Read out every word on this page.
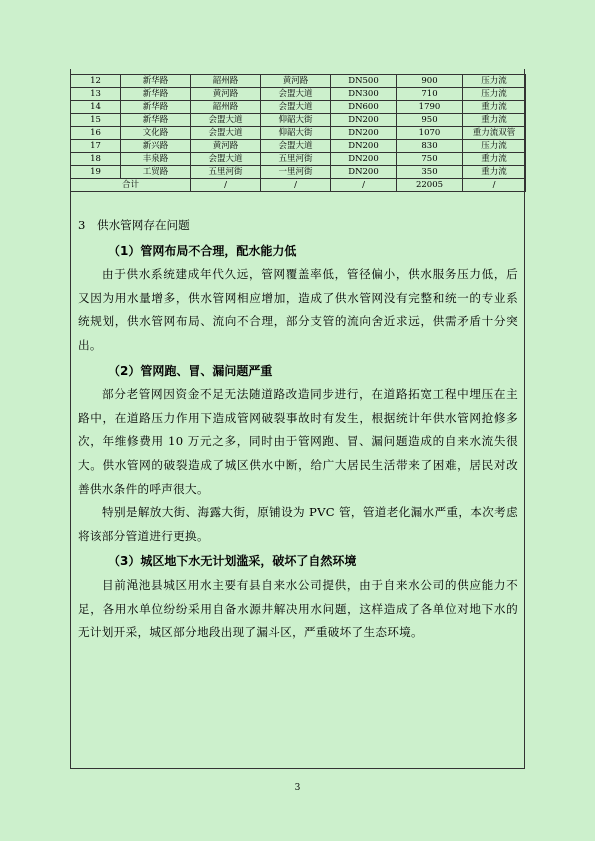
12	新华路	韶州路	黄河路	DN500	900	压力流
13	新华路	黄河路	会盟大道	DN300	710	压力流
14	新华路	韶州路	会盟大道	DN600	1790	重力流
15	新华路	会盟大道	仰韶大街	DN200	950	重力流
16	文化路	会盟大道	仰韶大街	DN200	1070	重力流双管
17	新兴路	黄河路	会盟大道	DN200	830	压力流
18	丰泉路	会盟大道	五里河街	DN200	750	重力流
19	工贸路	五里河街	一里河街	DN200	350	重力流
合计		/	/	/	22005	/

3　供水管网存在问题

（1）管网布局不合理，配水能力低

由于供水系统建成年代久远，管网覆盖率低，管径偏小，供水服务压力低，后又因为用水量增多，供水管网相应增加，造成了供水管网没有完整和统一的专业系统规划，供水管网布局、流向不合理，部分支管的流向舍近求远，供需矛盾十分突出。

（2）管网跑、冒、漏问题严重

部分老管网因资金不足无法随道路改造同步进行，在道路拓宽工程中埋压在主路中，在道路压力作用下造成管网破裂事故时有发生，根据统计年供水管网抢修多次，年维修费用 10 万元之多，同时由于管网跑、冒、漏问题造成的自来水流失很大。供水管网的破裂造成了城区供水中断，给广大居民生活带来了困难，居民对改善供水条件的呼声很大。

特别是解放大街、海露大街，原铺设为 PVC 管，管道老化漏水严重，本次考虑将该部分管道进行更换。

（3）城区地下水无计划滥采，破坏了自然环境

目前渑池县城区用水主要有县自来水公司提供，由于自来水公司的供应能力不足，各用水单位纷纷采用自备水源井解决用水问题，这样造成了各单位对地下水的无计划开采，城区部分地段出现了漏斗区，严重破坏了生态环境。

3
